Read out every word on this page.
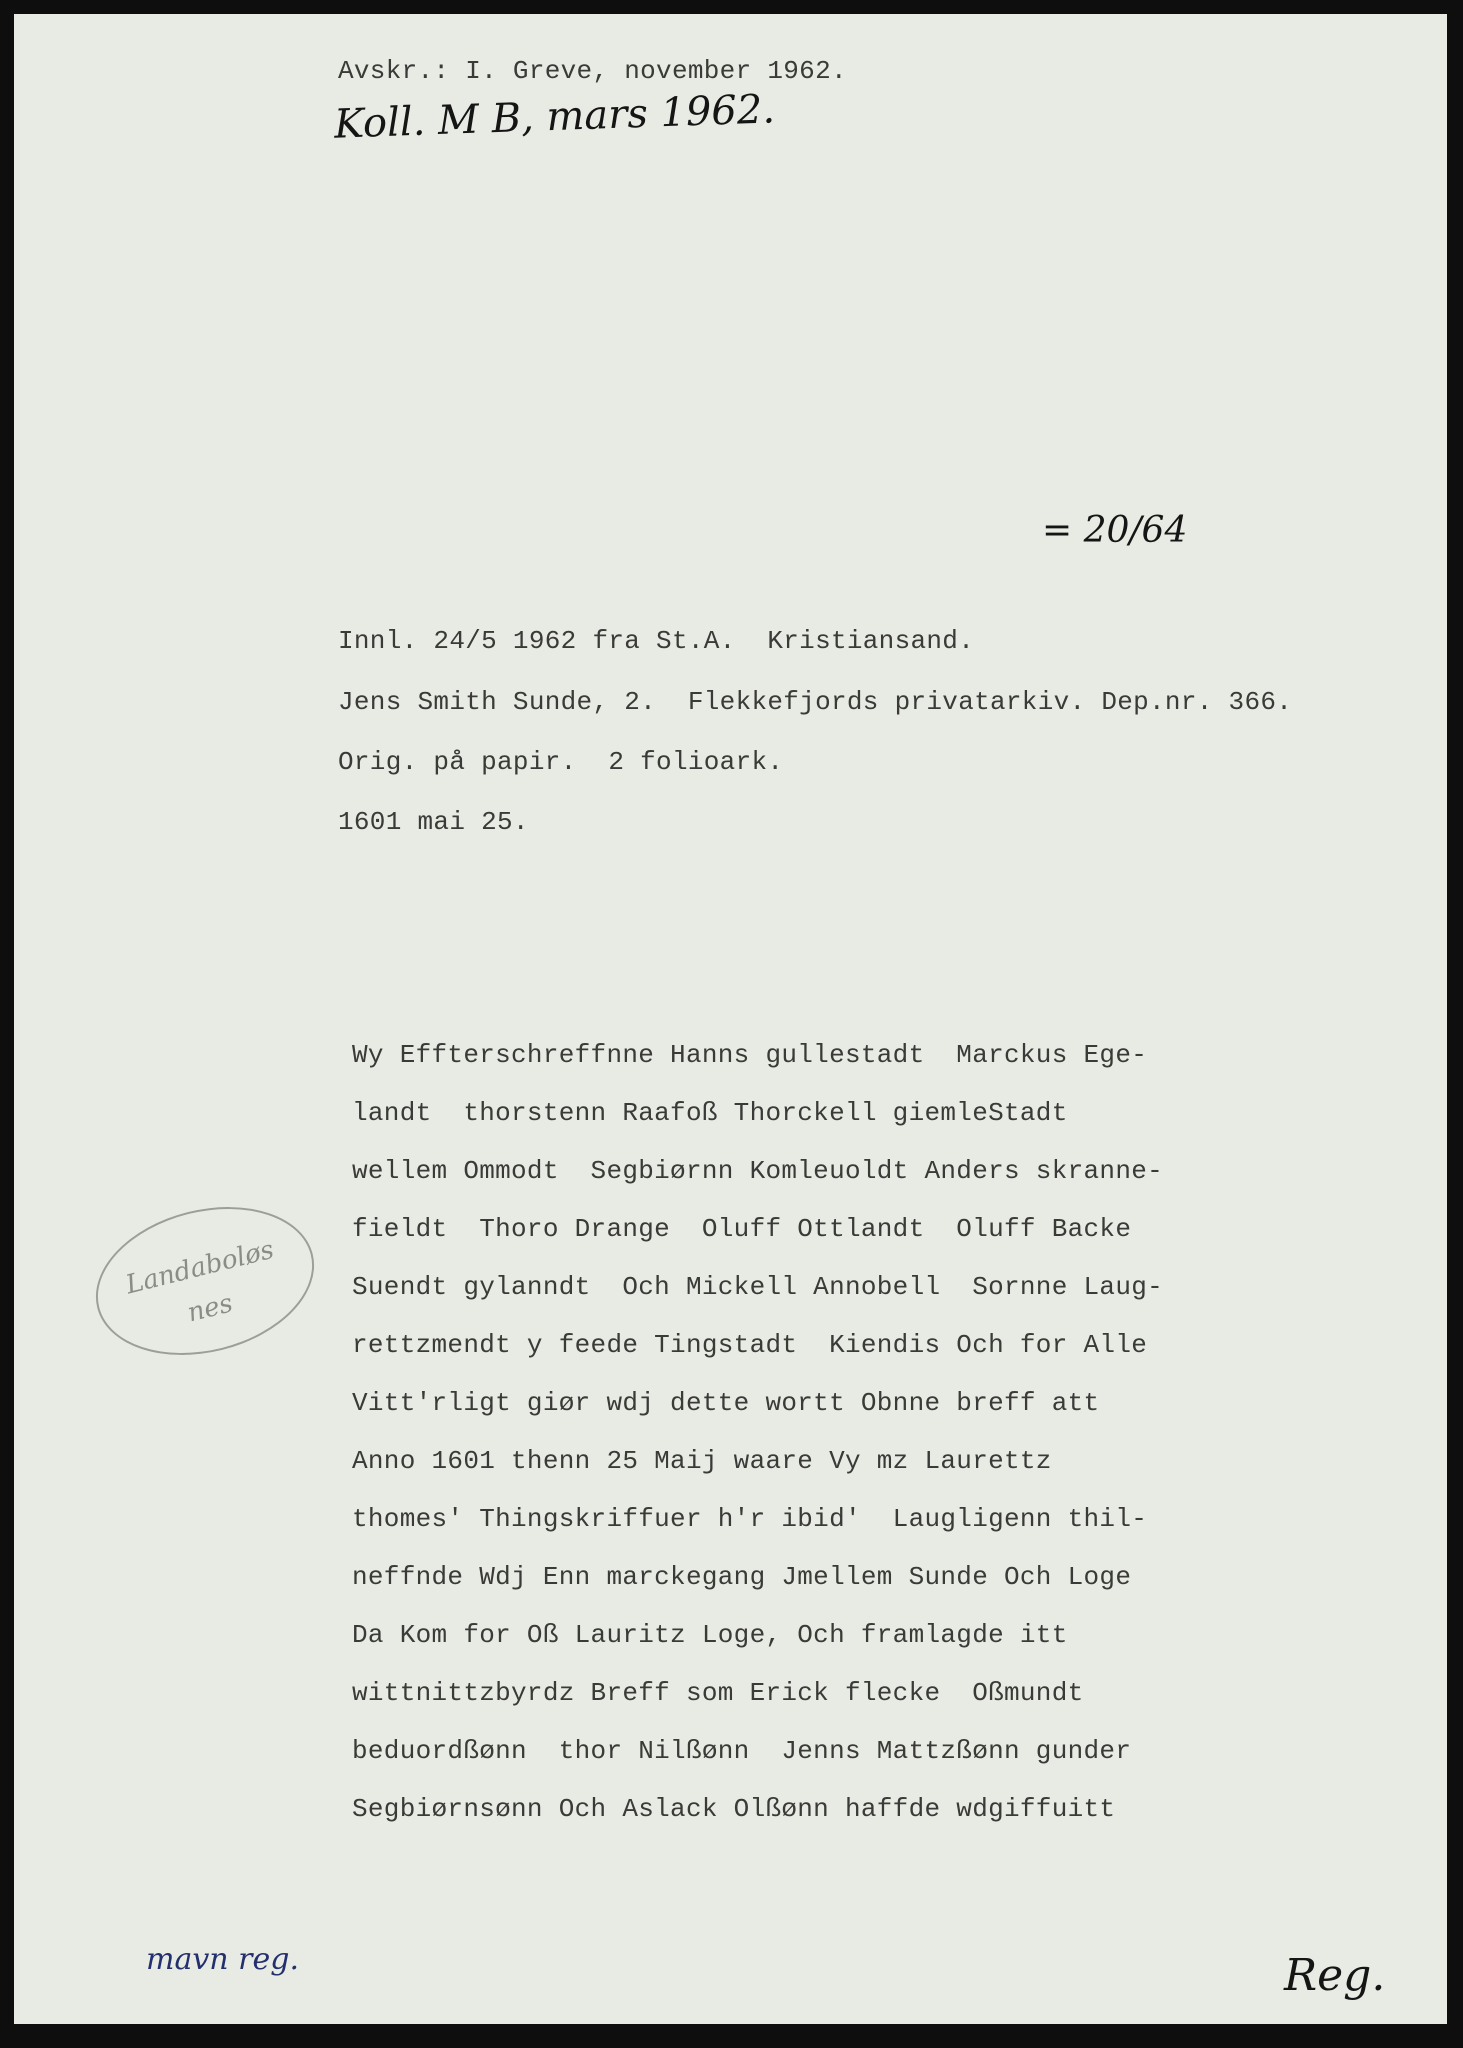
Avskr.: I. Greve, november 1962.
Koll. M B, mars 1962.
= 20/64
Innl. 24/5 1962 fra St.A.  Kristiansand.
Jens Smith Sunde, 2.  Flekkefjords privatarkiv. Dep.nr. 366.
Orig. på papir.  2 folioark.
1601 mai 25.
Wy Efftersch​reffnne Hanns gullestadt  Marckus Ege-
landt  thorstenn Raafoß Thorckell giemleStadt
wellem Ommodt  Segbiørnn Komleuoldt Anders skranne-
fieldt  Thoro Drange  Oluff Ottlandt  Oluff Backe
Suendt gylanndt  Och Mickell Annobell  Sornne Laug-
rettzmendt y feede Tingstadt  Kiendis Och for Alle
Vitt'rligt giør wdj dette wortt Obnne breff att
Anno 1601 thenn 25 Maij waare Vy mz Laurettz
thomes' Thingskriffuer h'r ibid'  Laugligenn thil-
neffnde Wdj Enn marckegang Jmellem Sunde Och Loge
Da Kom for Oß Lauritz Loge, Och framlagde itt
wittnittzbyrdz Breff som Erick flecke  Oßmundt
beduordßønn  thor Nilßønn  Jenns Mattzßønn gunder
Segbiørnsønn Och Aslack Olßønn haffde wdgiffuitt
Landaboløs nes
mavn reg.	Reg.
